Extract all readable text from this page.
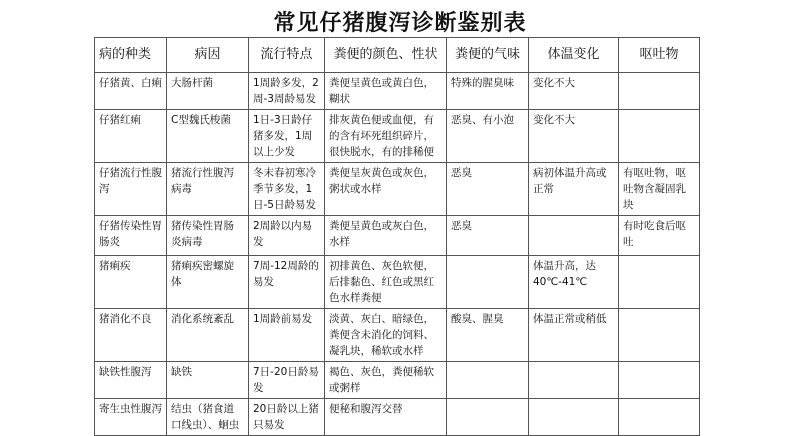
常见仔猪腹泻诊断鉴别表
病的种类	病因	流行特点	粪便的颜色、性状	粪便的气味	体温变化	呕吐物
仔猪黄、白痢	大肠杆菌	1周龄多发，2周-3周龄易发	粪便呈黄色或黄白色，糊状	特殊的腥臭味	变化不大	
仔猪红痢	C型魏氏梭菌	1日-3日龄仔猪多发，1周以上少发	排灰黄色便或血便，有的含有坏死组织碎片，很快脱水，有的排稀便	恶臭、有小泡	变化不大	
仔猪流行性腹泻	猪流行性腹泻病毒	冬末春初寒冷季节多发，1日-5日龄易发	粪便呈灰黄色或灰色，粥状或水样	恶臭	病初体温升高或正常	有呕吐物，呕吐物含凝固乳块
仔猪传染性胃肠炎	猪传染性胃肠炎病毒	2周龄以内易发	粪便呈黄色或灰白色，水样	恶臭		有时吃食后呕吐
猪痢疾	猪痢疾密螺旋体	7周-12周龄的易发	初排黄色、灰色软便，后排黏色、红色或黑红色水样粪便		体温升高，达40℃-41℃	
猪消化不良	消化系统紊乱	1周龄前易发	淡黄、灰白、暗绿色，粪便含未消化的饲料、凝乳块，稀软或水样	酸臭、腥臭	体温正常或稍低	
缺铁性腹泻	缺铁	7日-20日龄易发	褐色、灰色，粪便稀软或粥样			
寄生虫性腹泻	结虫（猪食道口线虫）、蛔虫	20日龄以上猪只易发	便秘和腹泻交替			
